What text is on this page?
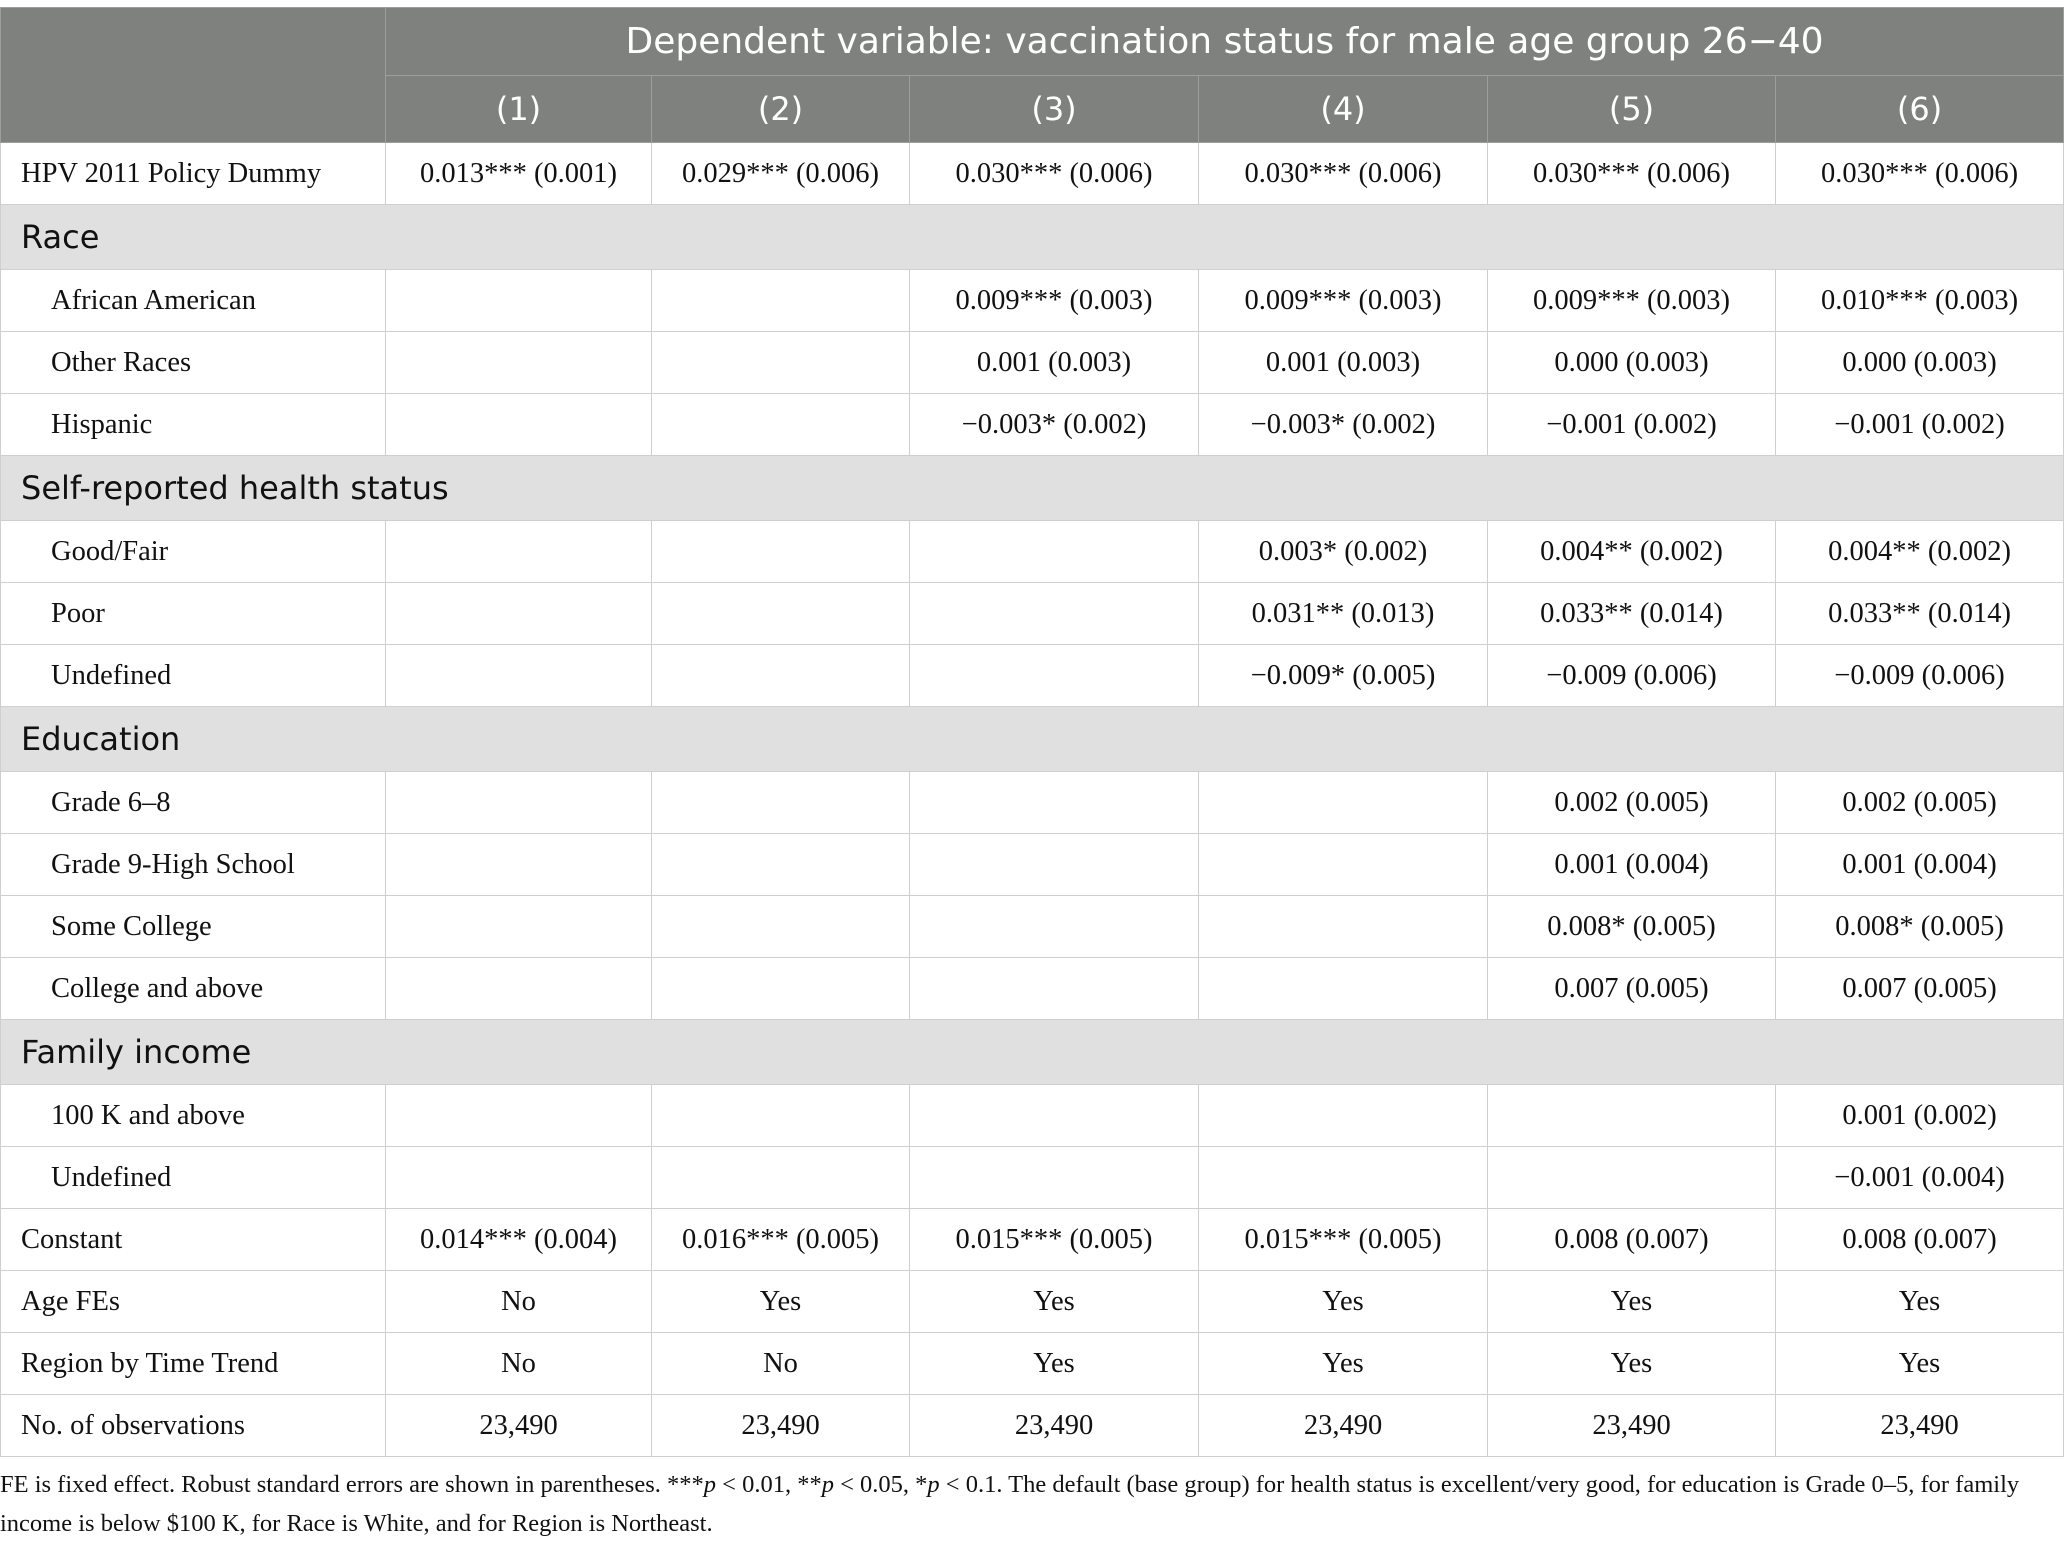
	Dependent variable: vaccination status for male age group 26−40					
	(1)	(2)	(3)	(4)	(5)	(6)
HPV 2011 Policy Dummy	0.013*** (0.001)	0.029*** (0.006)	0.030*** (0.006)	0.030*** (0.006)	0.030*** (0.006)	0.030*** (0.006)
Race						
African American			0.009*** (0.003)	0.009*** (0.003)	0.009*** (0.003)	0.010*** (0.003)
Other Races			0.001 (0.003)	0.001 (0.003)	0.000 (0.003)	0.000 (0.003)
Hispanic			−0.003* (0.002)	−0.003* (0.002)	−0.001 (0.002)	−0.001 (0.002)
Self-reported health status						
Good/Fair				0.003* (0.002)	0.004** (0.002)	0.004** (0.002)
Poor				0.031** (0.013)	0.033** (0.014)	0.033** (0.014)
Undefined				−0.009* (0.005)	−0.009 (0.006)	−0.009 (0.006)
Education						
Grade 6–8					0.002 (0.005)	0.002 (0.005)
Grade 9-High School					0.001 (0.004)	0.001 (0.004)
Some College					0.008* (0.005)	0.008* (0.005)
College and above					0.007 (0.005)	0.007 (0.005)
Family income						
100 K and above						0.001 (0.002)
Undefined						−0.001 (0.004)
Constant	0.014*** (0.004)	0.016*** (0.005)	0.015*** (0.005)	0.015*** (0.005)	0.008 (0.007)	0.008 (0.007)
Age FEs	No	Yes	Yes	Yes	Yes	Yes
Region by Time Trend	No	No	Yes	Yes	Yes	Yes
No. of observations	23,490	23,490	23,490	23,490	23,490	23,490

FE is fixed effect. Robust standard errors are shown in parentheses. ***p < 0.01, **p < 0.05, *p < 0.1. The default (base group) for health status is excellent/very good, for education is Grade 0–5, for family income is below $100 K, for Race is White, and for Region is Northeast.
